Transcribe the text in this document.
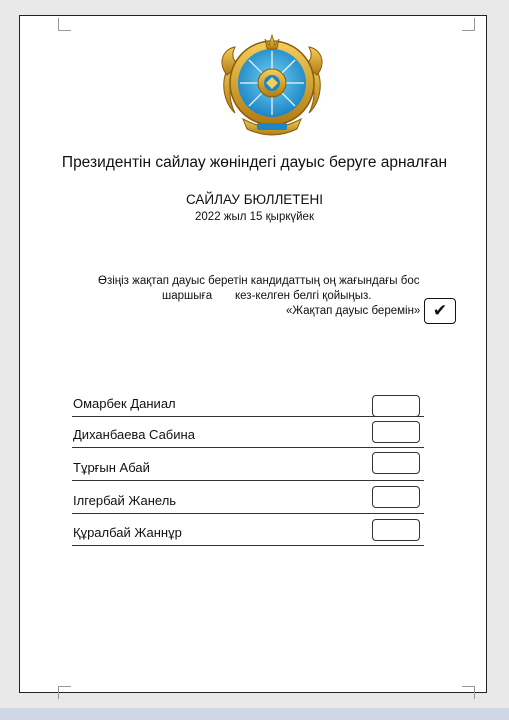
Президентін сайлау жөніндегі дауыс беруге арналған
САЙЛАУ БЮЛЛЕТЕНІ
2022 жыл 15 қыркүйек
Өзіңіз жақтап дауыс беретін кандидаттың оң жағындағы бос
шаршыға кез-келген белгі қойыңыз.
«Жақтап дауыс беремін» ✔
Омарбек Даниал
Диханбаева Сабина
Тұрғын Абай
Ілгербай Жанель
Құралбай Жаннұр
